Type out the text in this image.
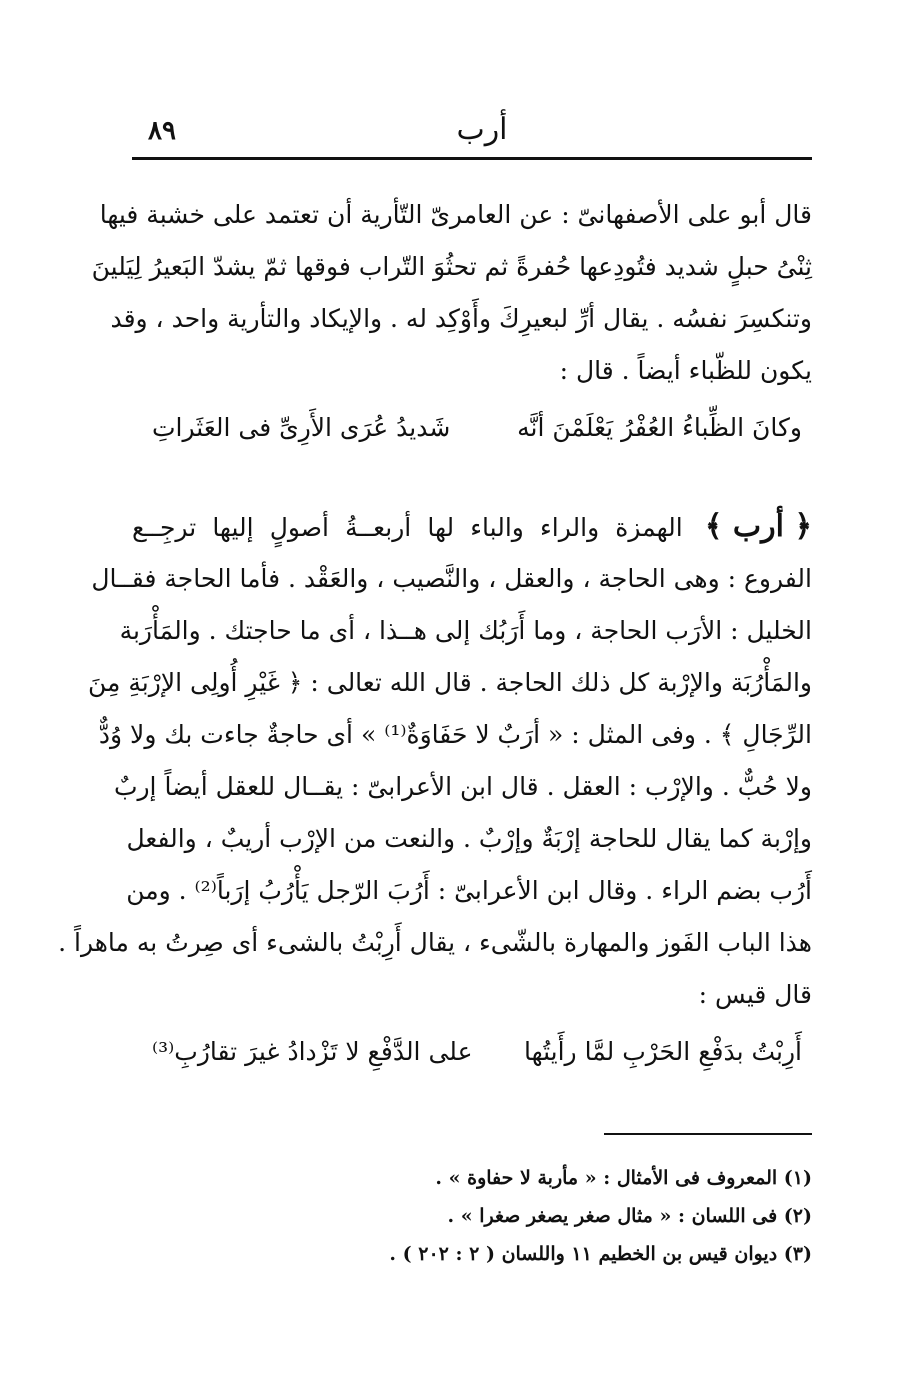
٨٩	أرب
قال أبو على الأصفهانىّ : عن العامرىّ التّأرية أن تعتمد على خشبة فيها
ثِنْىُ حبلٍ شديد فتُودِعها حُفرةً ثم تحثُوَ التّراب فوقها ثمّ يشدّ البَعيرُ لِيَلينَ
وتنكسِرَ نفسُه . يقال أرِّ لبعيرِكَ وأَوْكِد له . والإيكاد والتأرية واحد ، وقد
يكون للظّباء أيضاً . قال :
وكانَ الظِّباءُ العُفْرُ يَعْلَمْنَ أنَّه
شَديدُ عُرَى الأَرِىِّ فى العَثَراتِ
﴿ أرب ﴾ الهمزة والراء والباء لها أربعــةُ أصولٍ إليها ترجِــع
الفروع : وهى الحاجة ، والعقل ، والنَّصيب ، والعَقْد . فأما الحاجة فقــال
الخليل : الأرَب الحاجة ، وما أَرَبُك إلى هــذا ، أى ما حاجتك . والمَأْرَبة
والمَأْرُبَة والإرْبة كل ذلك الحاجة . قال الله تعالى : ﴿ غَيْرِ أُولِى الإرْبَةِ مِنَ
الرِّجَالِ ﴾ . وفى المثل : « أرَبٌ لا حَفَاوَةٌ⁽¹⁾ » أى حاجةٌ جاءت بك ولا وُدٌّ
ولا حُبٌّ . والإرْب : العقل . قال ابن الأعرابىّ : يقــال للعقل أيضاً إربٌ
وإرْبة كما يقال للحاجة إرْبَةٌ وإرْبٌ . والنعت من الإرْب أريبٌ ، والفعل
أَرُب بضم الراء . وقال ابن الأعرابىّ : أَرُبَ الرّجل يَأْرُبُ إرَباً⁽²⁾ . ومن
هذا الباب الفَوز والمهارة بالشّىء ، يقال أَرِبْتُ بالشىء أى صِرتُ به ماهراً .
قال قيس :
أَرِبْتُ بدَفْعِ الحَرْبِ لمَّا رأَيتُها
على الدَّفْعِ لا تَزْدادُ غيرَ تقارُبِ⁽³⁾
(١) المعروف فى الأمثال : « مأربة لا حفاوة » .
(٢) فى اللسان : « مثال صغر يصغر صغرا » .
(٣) ديوان قيس بن الخطيم ١١ واللسان ( ٢ : ٢٠٢ ) .
